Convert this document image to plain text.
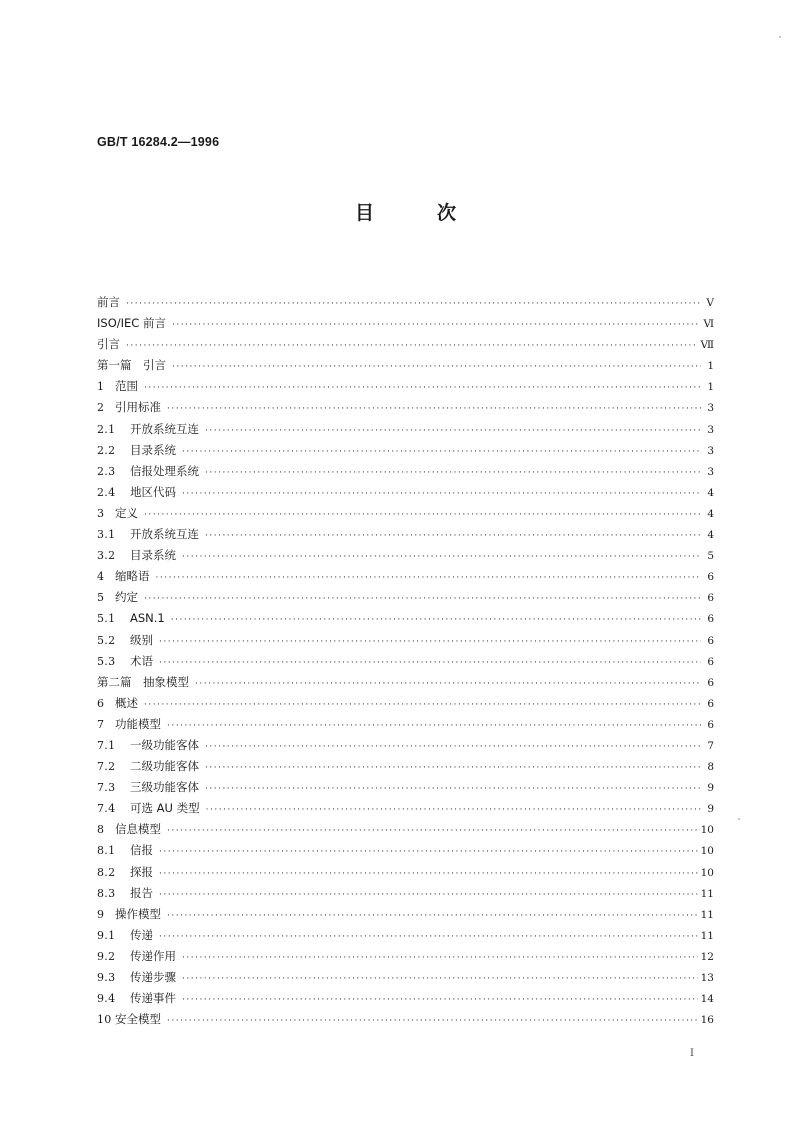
GB/T 16284.2—1996
目	次
前言 ·····	V
ISO/IEC 前言 ·····	Ⅵ
引言 ·····	Ⅶ
第一篇　引言 ·····	1
1 范围 ·····	1
2 引用标准 ·····	3
2.1	开放系统互连 ·····	3
2.2	目录系统 ·····	3
2.3	信报处理系统 ·····	3
2.4	地区代码 ·····	4
3 定义 ·····	4
3.1	开放系统互连 ·····	4
3.2	目录系统 ·····	5
4 缩略语 ·····	6
5 约定 ·····	6
5.1	ASN.1 ·····	6
5.2	级别 ·····	6
5.3	术语 ·····	6
第二篇　抽象模型 ·····	6
6 概述 ·····	6
7 功能模型 ·····	6
7.1	一级功能客体 ·····	7
7.2	二级功能客体 ·····	8
7.3	三级功能客体 ·····	9
7.4	可选 AU 类型 ·····	9
8 信息模型 ·····	10
8.1	信报 ·····	10
8.2	探报 ·····	10
8.3	报告 ·····	11
9 操作模型 ·····	11
9.1	传递 ·····	11
9.2	传递作用 ·····	12
9.3	传递步骤 ·····	13
9.4	传递事件 ·····	14
10 安全模型 ·····	16
I
